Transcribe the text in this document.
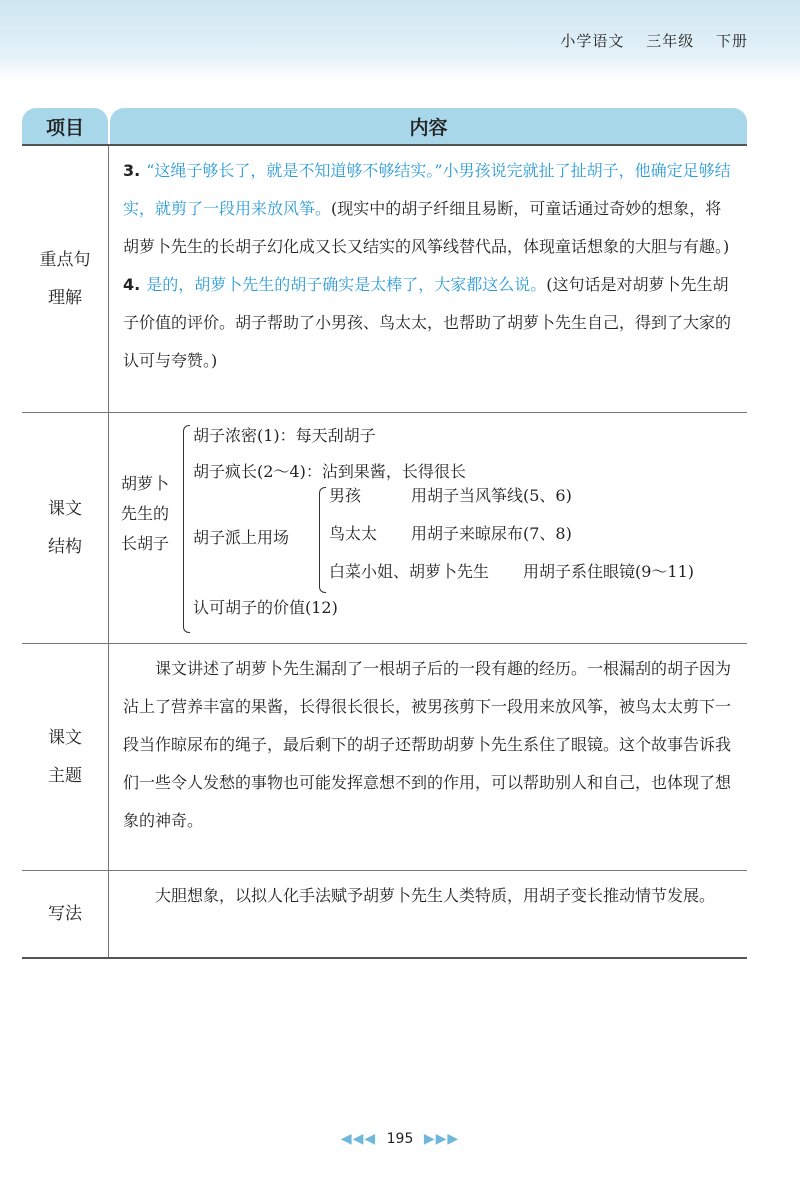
小学语文 三年级 下册
项目	内容
重点句
理解

3. “这绳子够长了，就是不知道够不够结实。”小男孩说完就扯了扯胡子，他确定足够结实，就剪了一段用来放风筝。(现实中的胡子纤细且易断，可童话通过奇妙的想象，将胡萝卜先生的长胡子幻化成又长又结实的风筝线替代品，体现童话想象的大胆与有趣。)

4. 是的，胡萝卜先生的胡子确实是太棒了，大家都这么说。(这句话是对胡萝卜先生胡子价值的评价。胡子帮助了小男孩、鸟太太，也帮助了胡萝卜先生自己，得到了大家的认可与夸赞。)

课文
结构
胡萝卜
先生的
长胡子
胡子浓密(1)：每天刮胡子
胡子疯长(2～4)：沾到果酱，长得很长
胡子派上用场
男孩	用胡子当风筝线(5、6)
鸟太太 用胡子来晾尿布(7、8)
白菜小姐、胡萝卜先生 用胡子系住眼镜(9～11)
认可胡子的价值(12)
课文
主题

课文讲述了胡萝卜先生漏刮了一根胡子后的一段有趣的经历。一根漏刮的胡子因为沾上了营养丰富的果酱，长得很长很长，被男孩剪下一段用来放风筝，被鸟太太剪下一段当作晾尿布的绳子，最后剩下的胡子还帮助胡萝卜先生系住了眼镜。这个故事告诉我们一些令人发愁的事物也可能发挥意想不到的作用，可以帮助别人和自己，也体现了想象的神奇。

写法

大胆想象，以拟人化手法赋予胡萝卜先生人类特质，用胡子变长推动情节发展。

◀◀◀ 195 ▶▶▶
